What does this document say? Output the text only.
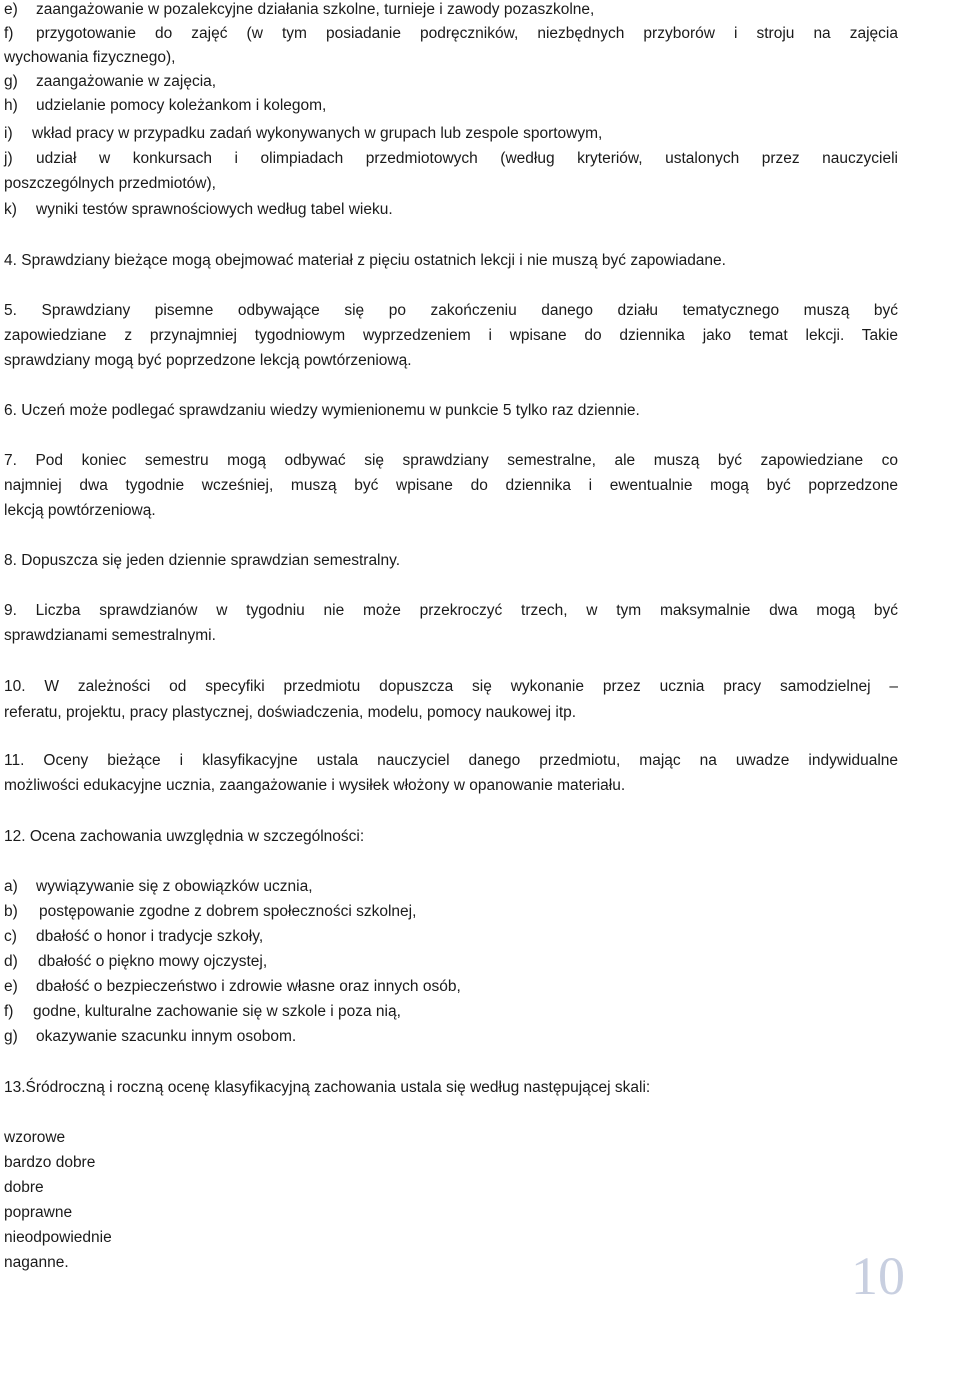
e) zaangażowanie w pozalekcyjne działania szkolne, turnieje i zawody pozaszkolne,
f) przygotowanie do zajęć (w tym posiadanie podręczników, niezbędnych przyborów i stroju na zajęcia
wychowania fizycznego),
g) zaangażowanie w zajęcia,
h) udzielanie pomocy koleżankom i kolegom,
i) wkład pracy w przypadku zadań wykonywanych w grupach lub zespole sportowym,
j) udział w konkursach i olimpiadach przedmiotowych (według kryteriów, ustalonych przez nauczycieli
poszczególnych przedmiotów),
k) wyniki testów sprawnościowych według tabel wieku.
4. Sprawdziany bieżące mogą obejmować materiał z pięciu ostatnich lekcji i nie muszą być zapowiadane.
5. Sprawdziany pisemne odbywające się po zakończeniu danego działu tematycznego muszą być
zapowiedziane z przynajmniej tygodniowym wyprzedzeniem i wpisane do dziennika jako temat lekcji. Takie
sprawdziany mogą być poprzedzone lekcją powtórzeniową.
6. Uczeń może podlegać sprawdzaniu wiedzy wymienionemu w punkcie 5 tylko raz dziennie.
7. Pod koniec semestru mogą odbywać się sprawdziany semestralne, ale muszą być zapowiedziane co
najmniej dwa tygodnie wcześniej, muszą być wpisane do dziennika i ewentualnie mogą być poprzedzone
lekcją powtórzeniową.
8. Dopuszcza się jeden dziennie sprawdzian semestralny.
9. Liczba sprawdzianów w tygodniu nie może przekroczyć trzech, w tym maksymalnie dwa mogą być
sprawdzianami semestralnymi.
10. W zależności od specyfiki przedmiotu dopuszcza się wykonanie przez ucznia pracy samodzielnej –
referatu, projektu, pracy plastycznej, doświadczenia, modelu, pomocy naukowej itp.
11. Oceny bieżące i klasyfikacyjne ustala nauczyciel danego przedmiotu, mając na uwadze indywidualne
możliwości edukacyjne ucznia, zaangażowanie i wysiłek włożony w opanowanie materiału.
12. Ocena zachowania uwzględnia w szczególności:
a) wywiązywanie się z obowiązków ucznia,
b) postępowanie zgodne z dobrem społeczności szkolnej,
c) dbałość o honor i tradycje szkoły,
d) dbałość o piękno mowy ojczystej,
e) dbałość o bezpieczeństwo i zdrowie własne oraz innych osób,
f) godne, kulturalne zachowanie się w szkole i poza nią,
g) okazywanie szacunku innym osobom.
13.Śródroczną i roczną ocenę klasyfikacyjną zachowania ustala się według następującej skali:
wzorowe
bardzo dobre
dobre
poprawne
nieodpowiednie
naganne.	10
